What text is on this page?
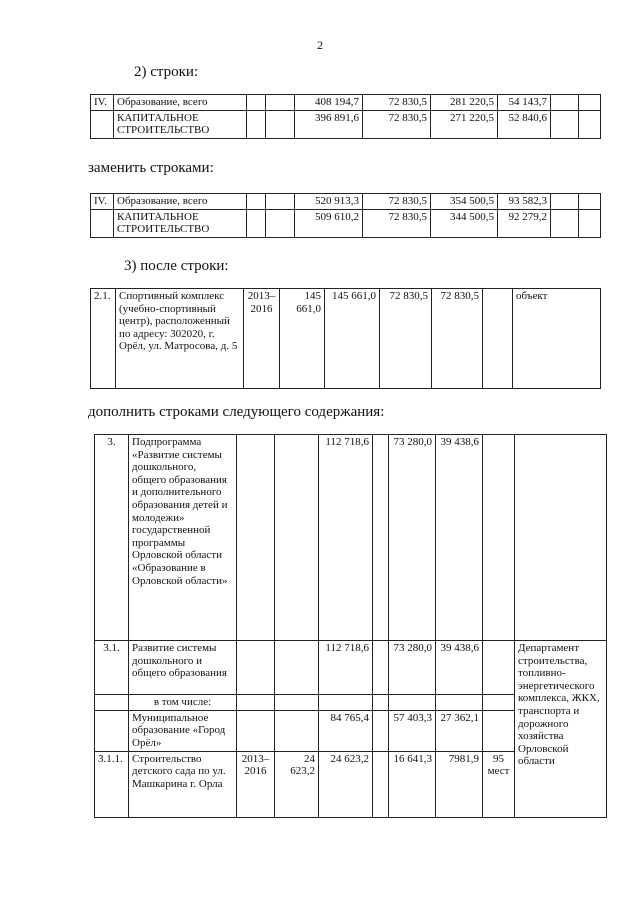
2
2) строки:
IV.	Образование, всего			408 194,7	72 830,5	281 220,5	54 143,7		
	КАПИТАЛЬНОЕ СТРОИТЕЛЬСТВО			396 891,6	72 830,5	271 220,5	52 840,6		
заменить строками:
IV.	Образование, всего			520 913,3	72 830,5	354 500,5	93 582,3		
	КАПИТАЛЬНОЕ СТРОИТЕЛЬСТВО			509 610,2	72 830,5	344 500,5	92 279,2		
3) после строки:
2.1.	Спортивный комплекс (учебно-спортивный центр), расположенный по адресу: 302020, г. Орёл, ул. Матросова, д. 5	2013–2016	145 661,0	145 661,0	72 830,5	72 830,5		объект
дополнить строками следующего содержания:
3.	Подпрограмма «Развитие системы дошкольного, общего образования и дополнительного образования детей и молодежи» государственной программы Орловской области «Образование в Орловской области»			112 718,6		73 280,0	39 438,6		
3.1.	Развитие системы дошкольного и общего образования			112 718,6		73 280,0	39 438,6		Департамент строительства, топливно-энергетического комплекса, ЖКХ, транспорта и дорожного хозяйства Орловской области
	в том числе:								
	Муниципальное образование «Город Орёл»			84 765,4		57 403,3	27 362,1		
3.1.1.	Строительство детского сада по ул. Машкарина г. Орла	2013–2016	24 623,2	24 623,2		16 641,3	7981,9	95 мест	
